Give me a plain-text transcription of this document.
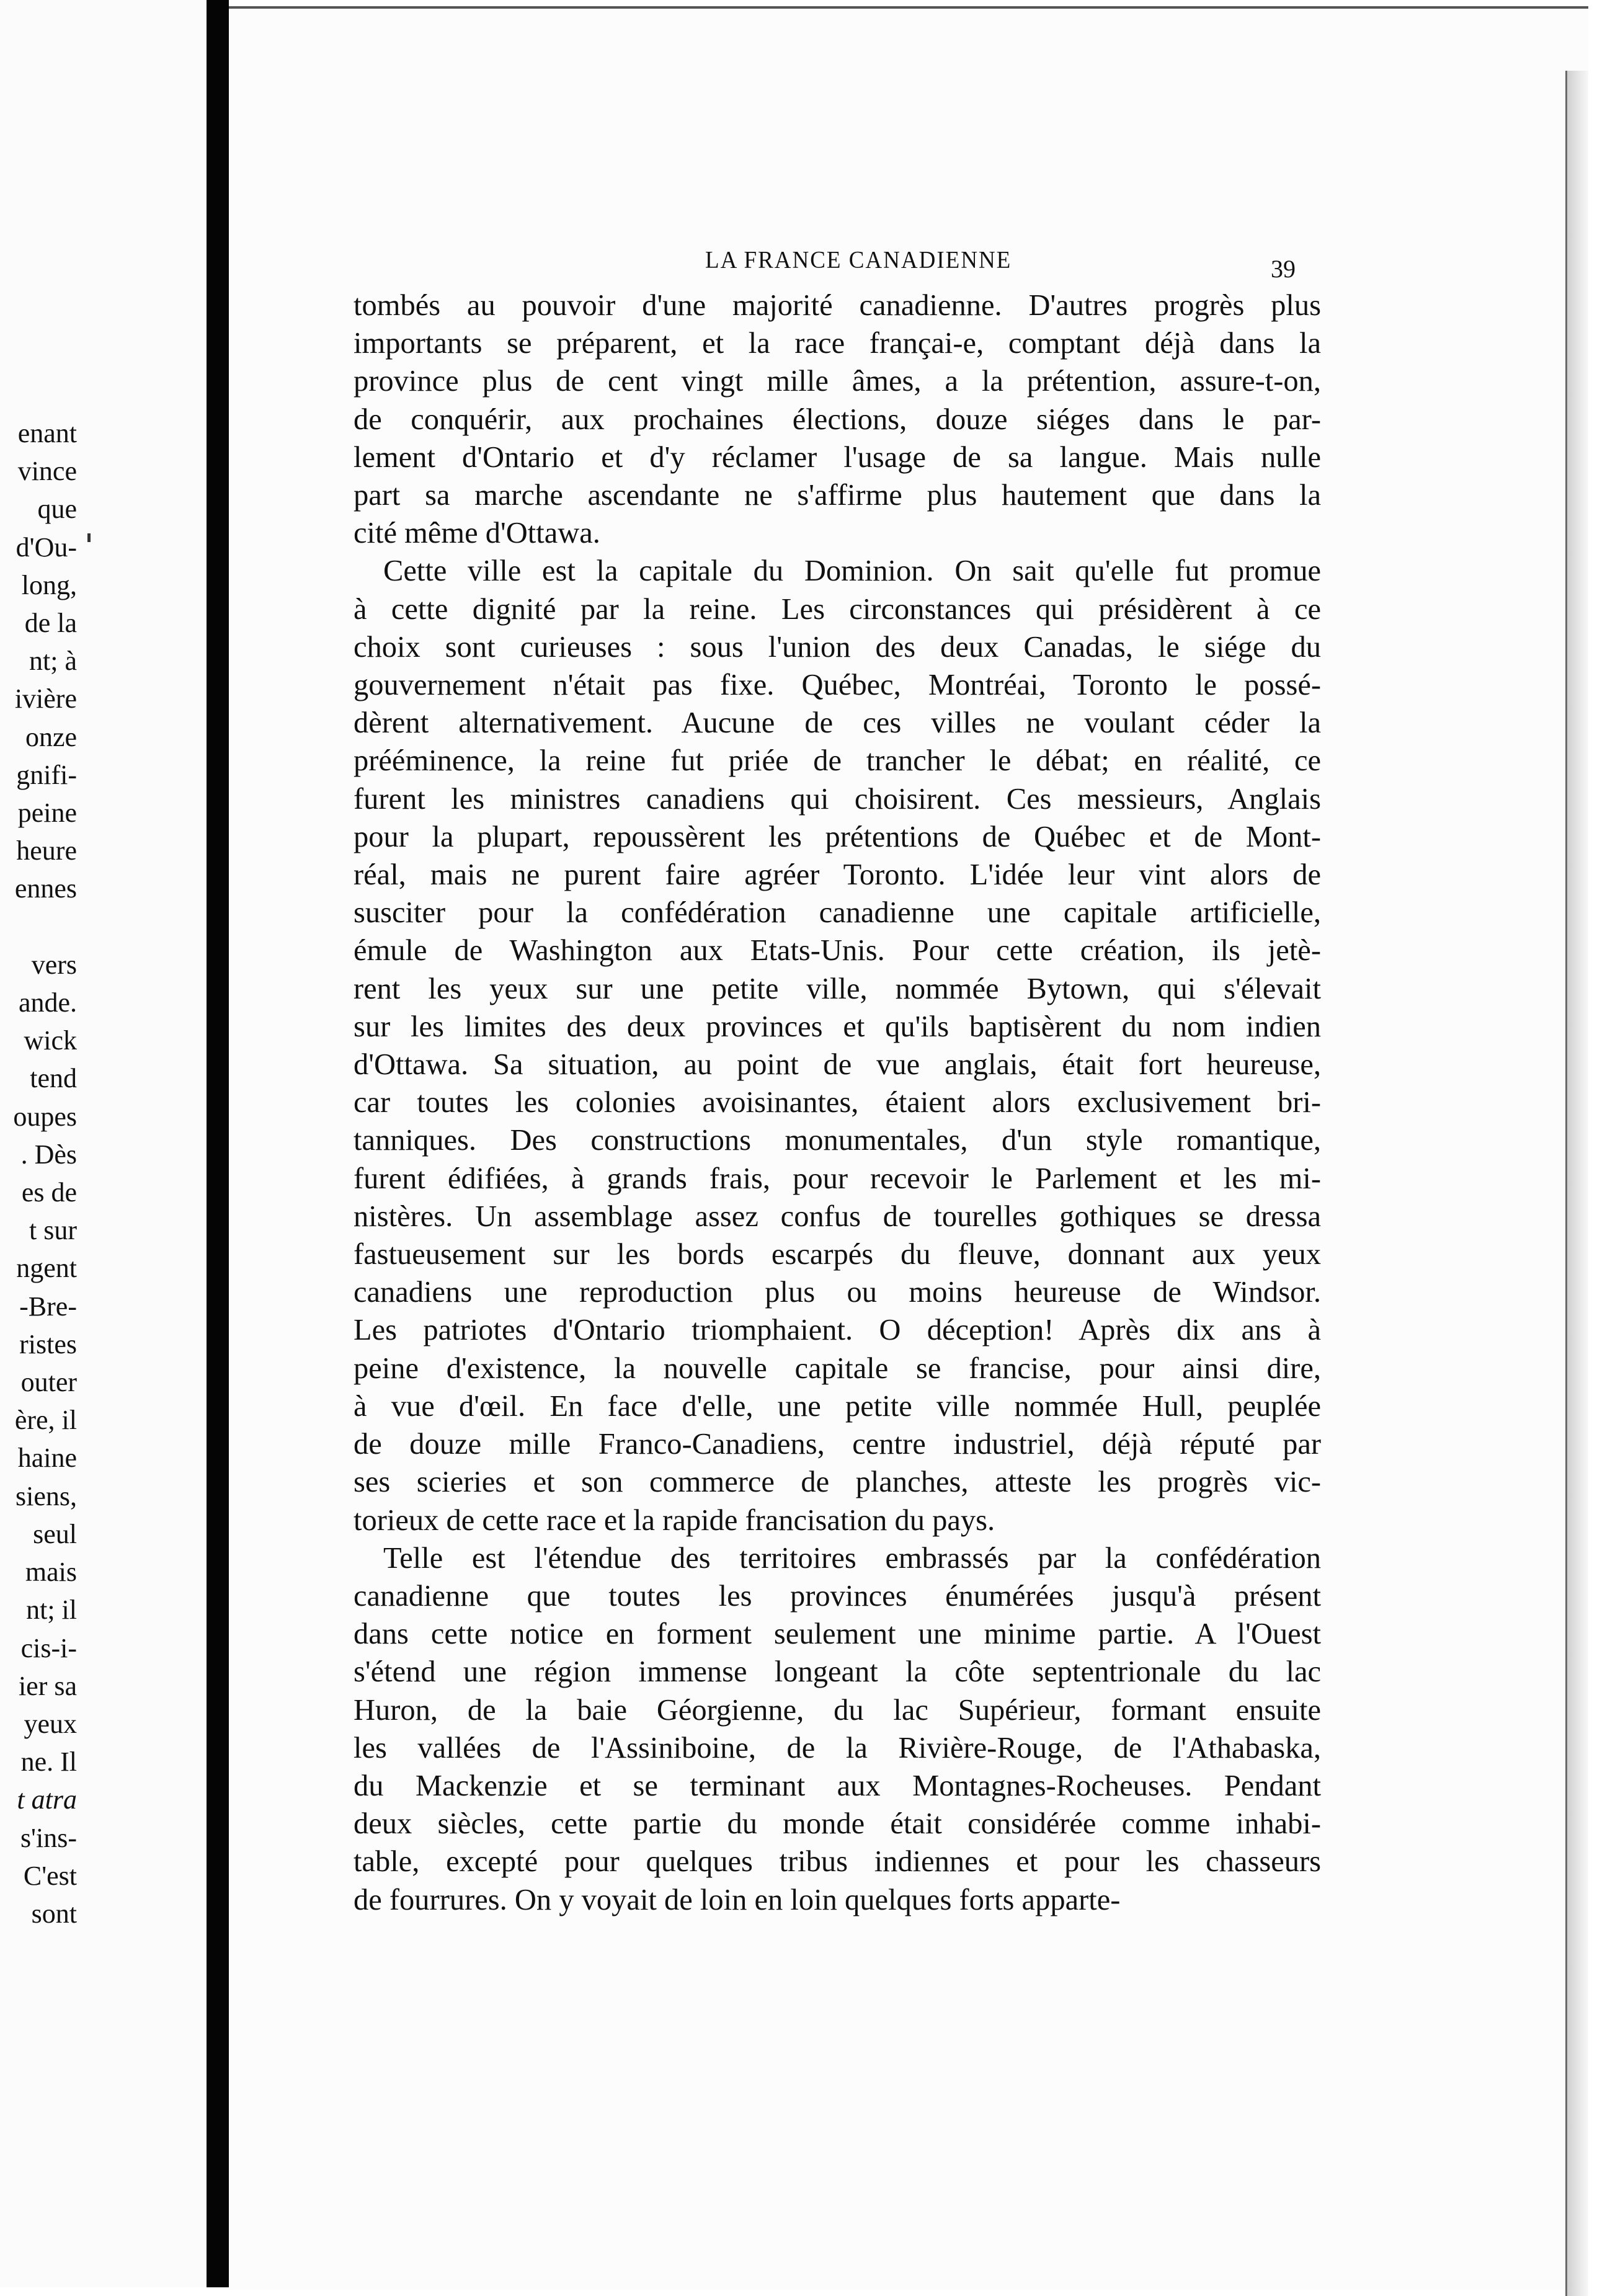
enant
vince
que
d'Ou-
long,
de la
nt; à
ivière
onze
gnifi-
peine
heure
ennes

vers
ande.
wick
tend
oupes
. Dès
es de
t sur
ngent
-Bre-
ristes
outer
ère, il
haine
siens,
seul
mais
nt; il
cis-i-
ier sa
yeux
ne. Il
t atra
s'ins-
C'est
sont
LA FRANCE CANADIENNE	39
tombés au pouvoir d'une majorité canadienne. D'autres progrès plus
importants se préparent, et la race françai-e, comptant déjà dans la
province plus de cent vingt mille âmes, a la prétention, assure-t-on,
de conquérir, aux prochaines élections, douze siéges dans le par-
lement d'Ontario et d'y réclamer l'usage de sa langue. Mais nulle
part sa marche ascendante ne s'affirme plus hautement que dans la
cité même d'Ottawa.
Cette ville est la capitale du Dominion. On sait qu'elle fut promue
à cette dignité par la reine. Les circonstances qui présidèrent à ce
choix sont curieuses : sous l'union des deux Canadas, le siége du
gouvernement n'était pas fixe. Québec, Montréai, Toronto le possé-
dèrent alternativement. Aucune de ces villes ne voulant céder la
prééminence, la reine fut priée de trancher le débat; en réalité, ce
furent les ministres canadiens qui choisirent. Ces messieurs, Anglais
pour la plupart, repoussèrent les prétentions de Québec et de Mont-
réal, mais ne purent faire agréer Toronto. L'idée leur vint alors de
susciter pour la confédération canadienne une capitale artificielle,
émule de Washington aux Etats-Unis. Pour cette création, ils jetè-
rent les yeux sur une petite ville, nommée Bytown, qui s'élevait
sur les limites des deux provinces et qu'ils baptisèrent du nom indien
d'Ottawa. Sa situation, au point de vue anglais, était fort heureuse,
car toutes les colonies avoisinantes, étaient alors exclusivement bri-
tanniques. Des constructions monumentales, d'un style romantique,
furent édifiées, à grands frais, pour recevoir le Parlement et les mi-
nistères. Un assemblage assez confus de tourelles gothiques se dressa
fastueusement sur les bords escarpés du fleuve, donnant aux yeux
canadiens une reproduction plus ou moins heureuse de Windsor.
Les patriotes d'Ontario triomphaient. O déception! Après dix ans à
peine d'existence, la nouvelle capitale se francise, pour ainsi dire,
à vue d'œil. En face d'elle, une petite ville nommée Hull, peuplée
de douze mille Franco-Canadiens, centre industriel, déjà réputé par
ses scieries et son commerce de planches, atteste les progrès vic-
torieux de cette race et la rapide francisation du pays.
Telle est l'étendue des territoires embrassés par la confédération
canadienne que toutes les provinces énumérées jusqu'à présent
dans cette notice en forment seulement une minime partie. A l'Ouest
s'étend une région immense longeant la côte septentrionale du lac
Huron, de la baie Géorgienne, du lac Supérieur, formant ensuite
les vallées de l'Assiniboine, de la Rivière-Rouge, de l'Athabaska,
du Mackenzie et se terminant aux Montagnes-Rocheuses. Pendant
deux siècles, cette partie du monde était considérée comme inhabi-
table, excepté pour quelques tribus indiennes et pour les chasseurs
de fourrures. On y voyait de loin en loin quelques forts apparte-
